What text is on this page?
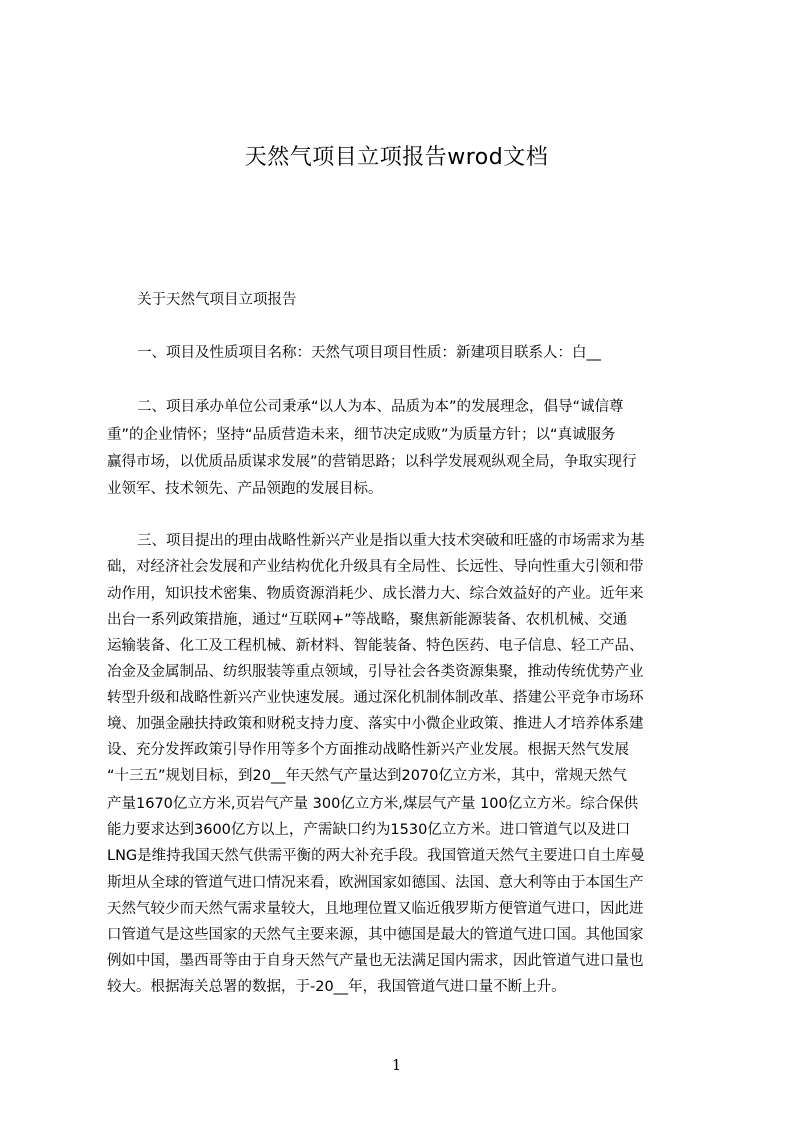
天然气项目立项报告wrod文档
关于天然气项目立项报告
一、项目及性质项目名称：天然气项目项目性质：新建项目联系人：白__
二、项目承办单位公司秉承“以人为本、品质为本”的发展理念，倡导“诚信尊
重”的企业情怀；坚持“品质营造未来，细节决定成败”为质量方针；以“真诚服务
赢得市场，以优质品质谋求发展”的营销思路；以科学发展观纵观全局，争取实现行
业领军、技术领先、产品领跑的发展目标。
三、项目提出的理由战略性新兴产业是指以重大技术突破和旺盛的市场需求为基
础，对经济社会发展和产业结构优化升级具有全局性、长远性、导向性重大引领和带
动作用，知识技术密集、物质资源消耗少、成长潜力大、综合效益好的产业。近年来
出台一系列政策措施，通过“互联网+”等战略，聚焦新能源装备、农机机械、交通
运输装备、化工及工程机械、新材料、智能装备、特色医药、电子信息、轻工产品、
冶金及金属制品、纺织服装等重点领域，引导社会各类资源集聚，推动传统优势产业
转型升级和战略性新兴产业快速发展。通过深化机制体制改革、搭建公平竞争市场环
境、加强金融扶持政策和财税支持力度、落实中小微企业政策、推进人才培养体系建
设、充分发挥政策引导作用等多个方面推动战略性新兴产业发展。根据天然气发展
“十三五”规划目标，到20__年天然气产量达到2070亿立方米，其中，常规天然气
产量1670亿立方米,页岩气产量 300亿立方米,煤层气产量 100亿立方米。综合保供
能力要求达到3600亿方以上，产需缺口约为1530亿立方米。进口管道气以及进口
LNG是维持我国天然气供需平衡的两大补充手段。我国管道天然气主要进口自土库曼
斯坦从全球的管道气进口情况来看，欧洲国家如德国、法国、意大利等由于本国生产
天然气较少而天然气需求量较大，且地理位置又临近俄罗斯方便管道气进口，因此进
口管道气是这些国家的天然气主要来源，其中德国是最大的管道气进口国。其他国家
例如中国，墨西哥等由于自身天然气产量也无法满足国内需求，因此管道气进口量也
较大。根据海关总署的数据，于-20__年，我国管道气进口量不断上升。
1
